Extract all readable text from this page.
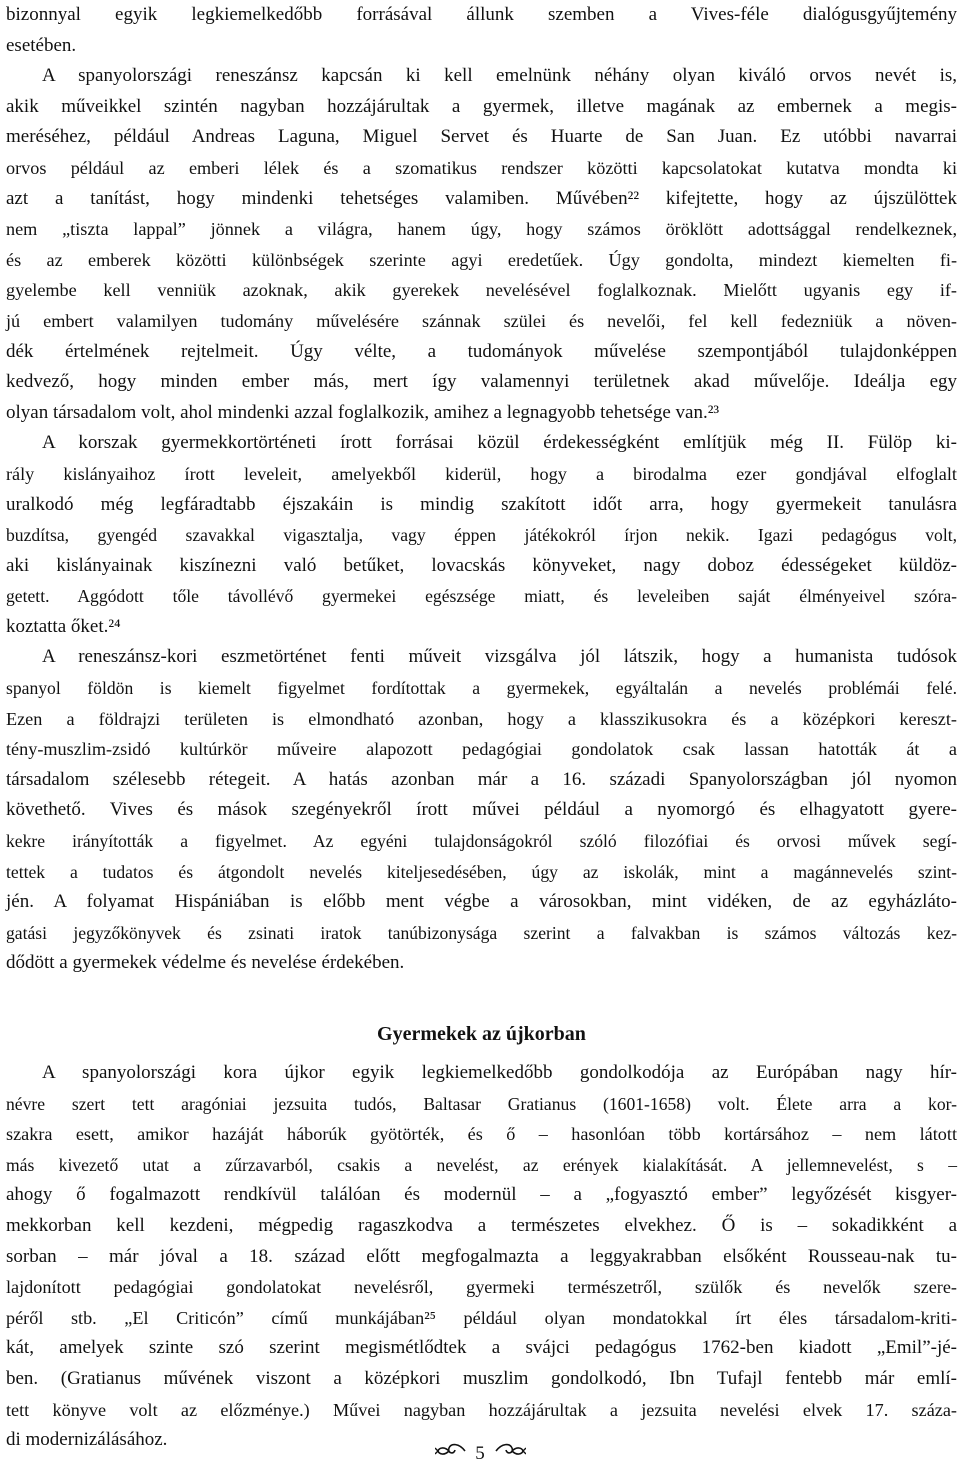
bizonnyal egyik legkiemelkedőbb forrásával állunk szemben a Vives-féle dialógusgyűjtemény
esetében.
A spanyolországi reneszánsz kapcsán ki kell emelnünk néhány olyan kiváló orvos nevét is,
akik műveikkel szintén nagyban hozzájárultak a gyermek, illetve magának az embernek a megis-
meréséhez, például Andreas Laguna, Miguel Servet és Huarte de San Juan. Ez utóbbi navarrai
orvos például az emberi lélek és a szomatikus rendszer közötti kapcsolatokat kutatva mondta ki
azt a tanítást, hogy mindenki tehetséges valamiben. Művében²² kifejtette, hogy az újszülöttek
nem „tiszta lappal” jönnek a világra, hanem úgy, hogy számos öröklött adottsággal rendelkeznek,
és az emberek közötti különbségek szerinte agyi eredetűek. Úgy gondolta, mindezt kiemelten fi-
gyelembe kell venniük azoknak, akik gyerekek nevelésével foglalkoznak. Mielőtt ugyanis egy if-
jú embert valamilyen tudomány művelésére szánnak szülei és nevelői, fel kell fedezniük a növen-
dék értelmének rejtelmeit. Úgy vélte, a tudományok művelése szempontjából tulajdonképpen
kedvező, hogy minden ember más, mert így valamennyi területnek akad művelője. Ideálja egy
olyan társadalom volt, ahol mindenki azzal foglalkozik, amihez a legnagyobb tehetsége van.²³
A korszak gyermekkortörténeti írott forrásai közül érdekességként említjük még II. Fülöp ki-
rály kislányaihoz írott leveleit, amelyekből kiderül, hogy a birodalma ezer gondjával elfoglalt
uralkodó még legfáradtabb éjszakáin is mindig szakított időt arra, hogy gyermekeit tanulásra
buzdítsa, gyengéd szavakkal vigasztalja, vagy éppen játékokról írjon nekik. Igazi pedagógus volt,
aki kislányainak kiszínezni való betűket, lovacskás könyveket, nagy doboz édességeket küldöz-
getett. Aggódott tőle távollévő gyermekei egészsége miatt, és leveleiben saját élményeivel szóra-
koztatta őket.²⁴
A reneszánsz-kori eszmetörténet fenti műveit vizsgálva jól látszik, hogy a humanista tudósok
spanyol földön is kiemelt figyelmet fordítottak a gyermekek, egyáltalán a nevelés problémái felé.
Ezen a földrajzi területen is elmondható azonban, hogy a klasszikusokra és a középkori kereszt-
tény-muszlim-zsidó kultúrkör műveire alapozott pedagógiai gondolatok csak lassan hatották át a
társadalom szélesebb rétegeit. A hatás azonban már a 16. századi Spanyolországban jól nyomon
követhető. Vives és mások szegényekről írott művei például a nyomorgó és elhagyatott gyere-
kekre irányították a figyelmet. Az egyéni tulajdonságokról szóló filozófiai és orvosi művek segí-
tettek a tudatos és átgondolt nevelés kiteljesedésében, úgy az iskolák, mint a magánnevelés szint-
jén. A folyamat Hispániában is előbb ment végbe a városokban, mint vidéken, de az egyházláto-
gatási jegyzőkönyvek és zsinati iratok tanúbizonysága szerint a falvakban is számos változás kez-
dődött a gyermekek védelme és nevelése érdekében.
Gyermekek az újkorban
A spanyolországi kora újkor egyik legkiemelkedőbb gondolkodója az Európában nagy hír-
névre szert tett aragóniai jezsuita tudós, Baltasar Gratianus (1601-1658) volt. Élete arra a kor-
szakra esett, amikor hazáját háborúk gyötörték, és ő – hasonlóan több kortársához – nem látott
más kivezető utat a zűrzavarból, csakis a nevelést, az erények kialakítását. A jellemnevelést, s –
ahogy ő fogalmazott rendkívül találóan és modernül – a „fogyasztó ember” legyőzését kisgyer-
mekkorban kell kezdeni, mégpedig ragaszkodva a természetes elvekhez. Ő is – sokadikként a
sorban – már jóval a 18. század előtt megfogalmazta a leggyakrabban elsőként Rousseau-nak tu-
lajdonított pedagógiai gondolatokat nevelésről, gyermeki természetről, szülők és nevelők szere-
péről stb. „El Criticón” című munkájában²⁵ például olyan mondatokkal írt éles társadalom-kriti-
kát, amelyek szinte szó szerint megismétlődtek a svájci pedagógus 1762-ben kiadott „Emil”-jé-
ben. (Gratianus művének viszont a középkori muszlim gondolkodó, Ibn Tufajl fentebb már emlí-
tett könyve volt az előzménye.) Művei nagyban hozzájárultak a jezsuita nevelési elvek 17. száza-
di modernizálásához.
5
